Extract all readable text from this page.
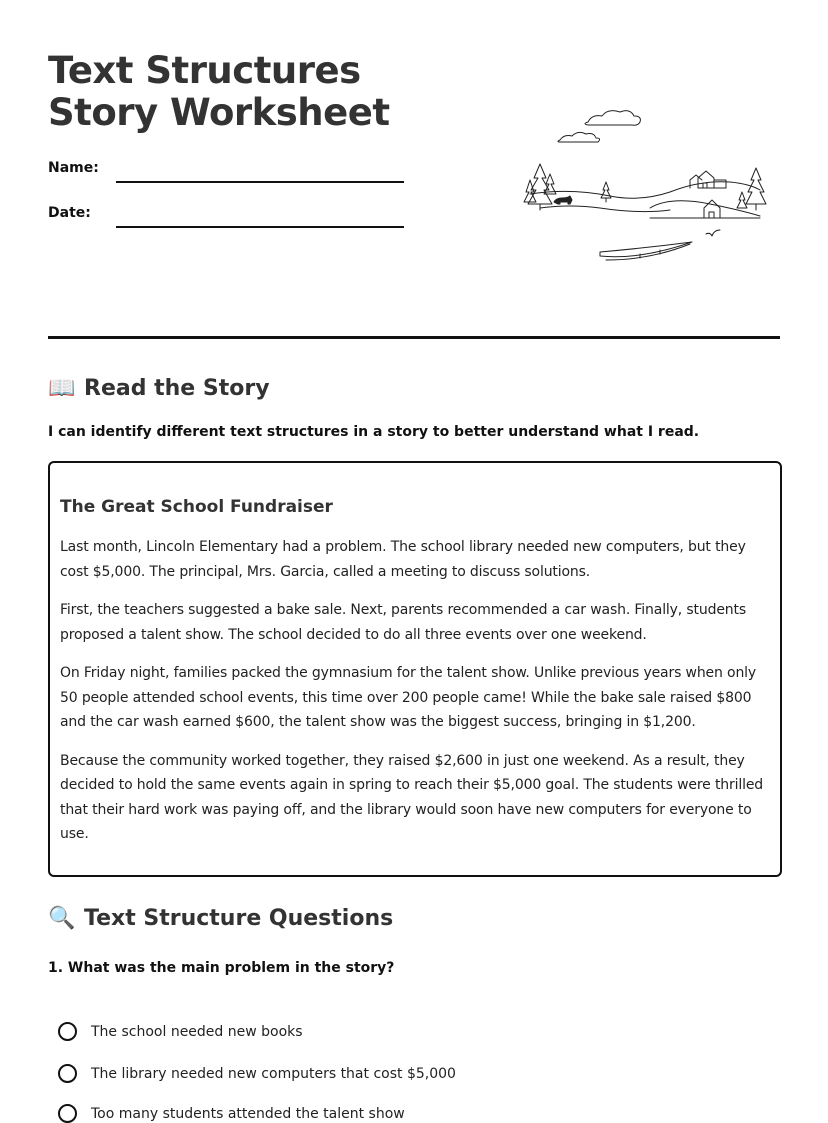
Text Structures Story Worksheet
Name:
Date:
📖 Read the Story
I can identify different text structures in a story to better understand what I read.
The Great School Fundraiser

Last month, Lincoln Elementary had a problem. The school library needed new computers, but they cost $5,000. The principal, Mrs. Garcia, called a meeting to discuss solutions.

First, the teachers suggested a bake sale. Next, parents recommended a car wash. Finally, students proposed a talent show. The school decided to do all three events over one weekend.

On Friday night, families packed the gymnasium for the talent show. Unlike previous years when only 50 people attended school events, this time over 200 people came! While the bake sale raised $800 and the car wash earned $600, the talent show was the biggest success, bringing in $1,200.

Because the community worked together, they raised $2,600 in just one weekend. As a result, they decided to hold the same events again in spring to reach their $5,000 goal. The students were thrilled that their hard work was paying off, and the library would soon have new computers for everyone to use.

🔍 Text Structure Questions
1. What was the main problem in the story?
The school needed new books
The library needed new computers that cost $5,000
Too many students attended the talent show
